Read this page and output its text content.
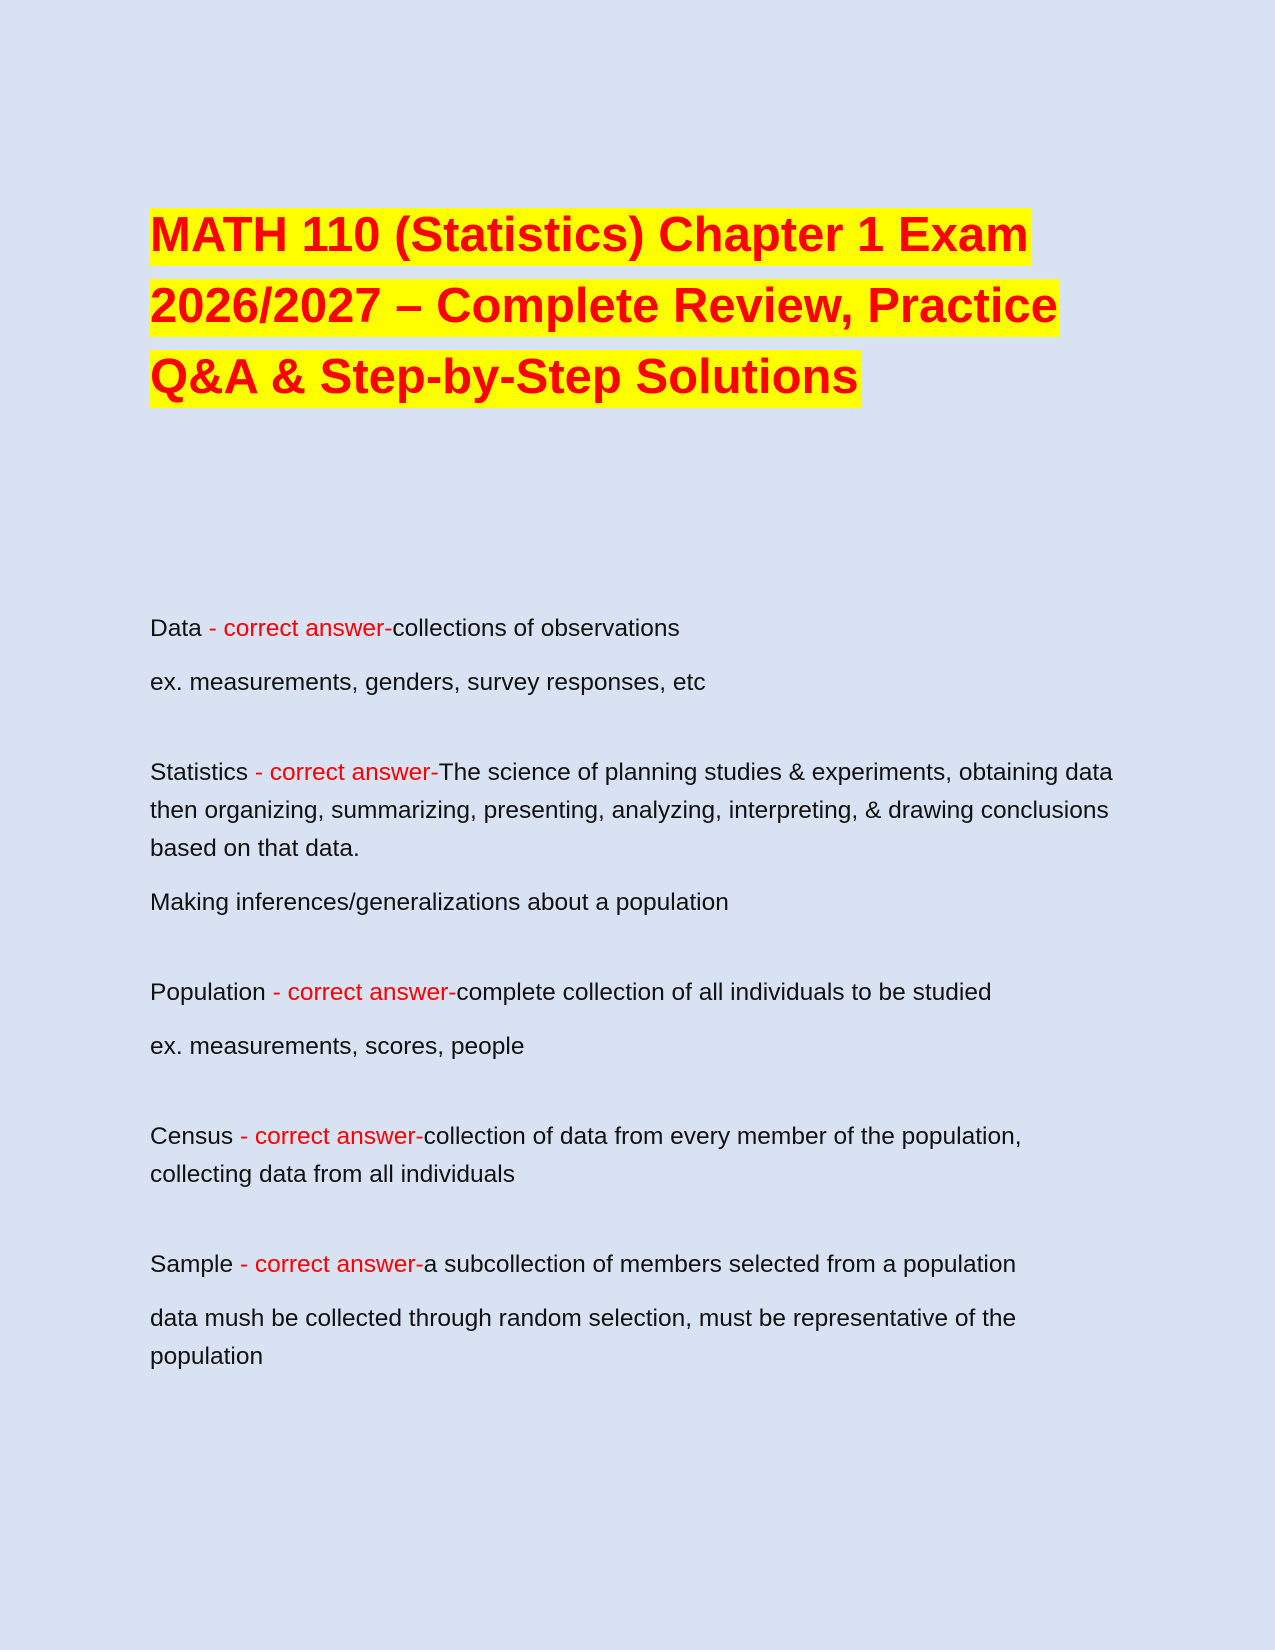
MATH 110 (Statistics) Chapter 1 Exam 2026/2027 – Complete Review, Practice Q&A & Step-by-Step Solutions

Data - correct answer-collections of observations

ex. measurements, genders, survey responses, etc

Statistics - correct answer-The science of planning studies & experiments, obtaining data then organizing, summarizing, presenting, analyzing, interpreting, & drawing conclusions based on that data.

Making inferences/generalizations about a population

Population - correct answer-complete collection of all individuals to be studied

ex. measurements, scores, people

Census - correct answer-collection of data from every member of the population, collecting data from all individuals

Sample - correct answer-a subcollection of members selected from a population

data mush be collected through random selection, must be representative of the population
